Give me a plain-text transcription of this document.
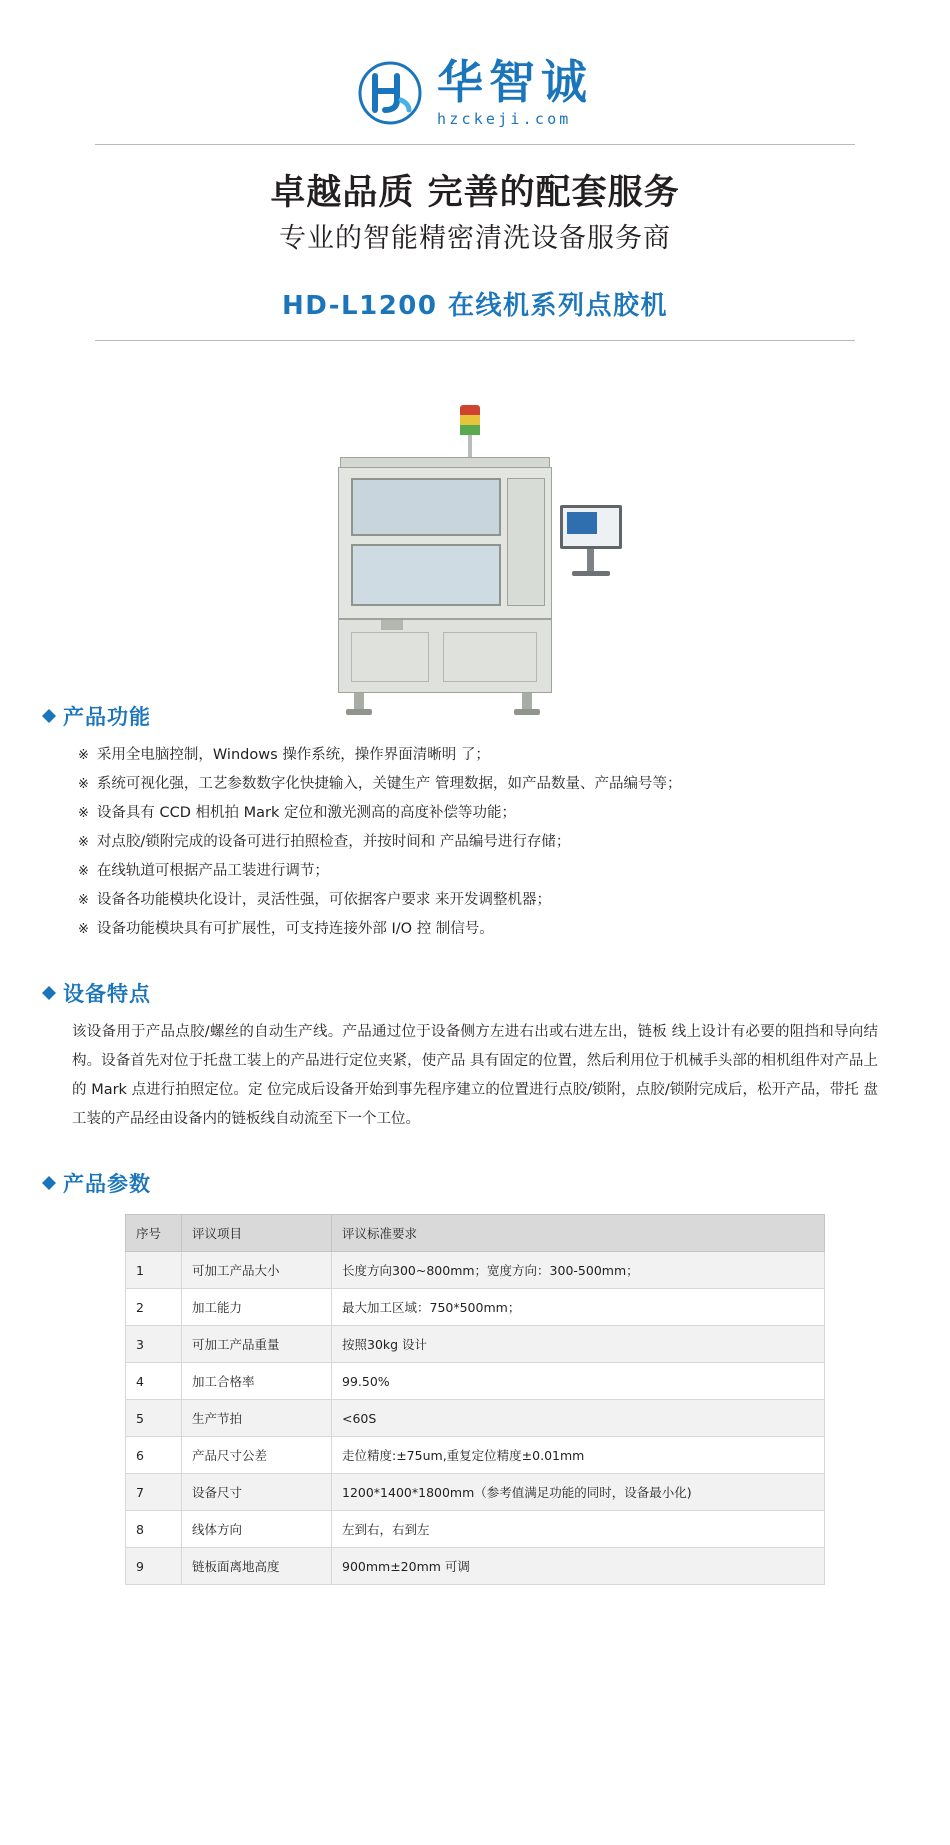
华智诚
hzckeji.com
卓越品质 完善的配套服务
专业的智能精密清洗设备服务商
HD-L1200 在线机系列点胶机
产品功能
※ 采用全电脑控制，Windows 操作系统，操作界面清晰明 了；
※ 系统可视化强，工艺参数数字化快捷输入，关键生产 管理数据，如产品数量、产品编号等；
※ 设备具有 CCD 相机拍 Mark 定位和激光测高的高度补偿等功能；
※ 对点胶/锁附完成的设备可进行拍照检查，并按时间和 产品编号进行存储；
※ 在线轨道可根据产品工装进行调节；
※ 设备各功能模块化设计，灵活性强，可依据客户要求 来开发调整机器；
※ 设备功能模块具有可扩展性，可支持连接外部 I/O 控 制信号。
设备特点

该设备用于产品点胶/螺丝的自动生产线。产品通过位于设备侧方左进右出或右进左出，链板 线上设计有必要的阻挡和导向结构。设备首先对位于托盘工装上的产品进行定位夹紧，使产品 具有固定的位置，然后利用位于机械手头部的相机组件对产品上的 Mark 点进行拍照定位。定 位完成后设备开始到事先程序建立的位置进行点胶/锁附，点胶/锁附完成后，松开产品，带托 盘工装的产品经由设备内的链板线自动流至下一个工位。

产品参数
序号	评议项目	评议标准要求
1	可加工产品大小	长度方向300~800mm；宽度方向：300-500mm；
2	加工能力	最大加工区域：750*500mm；
3	可加工产品重量	按照30kg 设计
4	加工合格率	99.50%
5	生产节拍	<60S
6	产品尺寸公差	走位精度:±75um,重复定位精度±0.01mm
7	设备尺寸	1200*1400*1800mm（参考值满足功能的同时，设备最小化)
8	线体方向	左到右，右到左
9	链板面离地高度	900mm±20mm 可调
